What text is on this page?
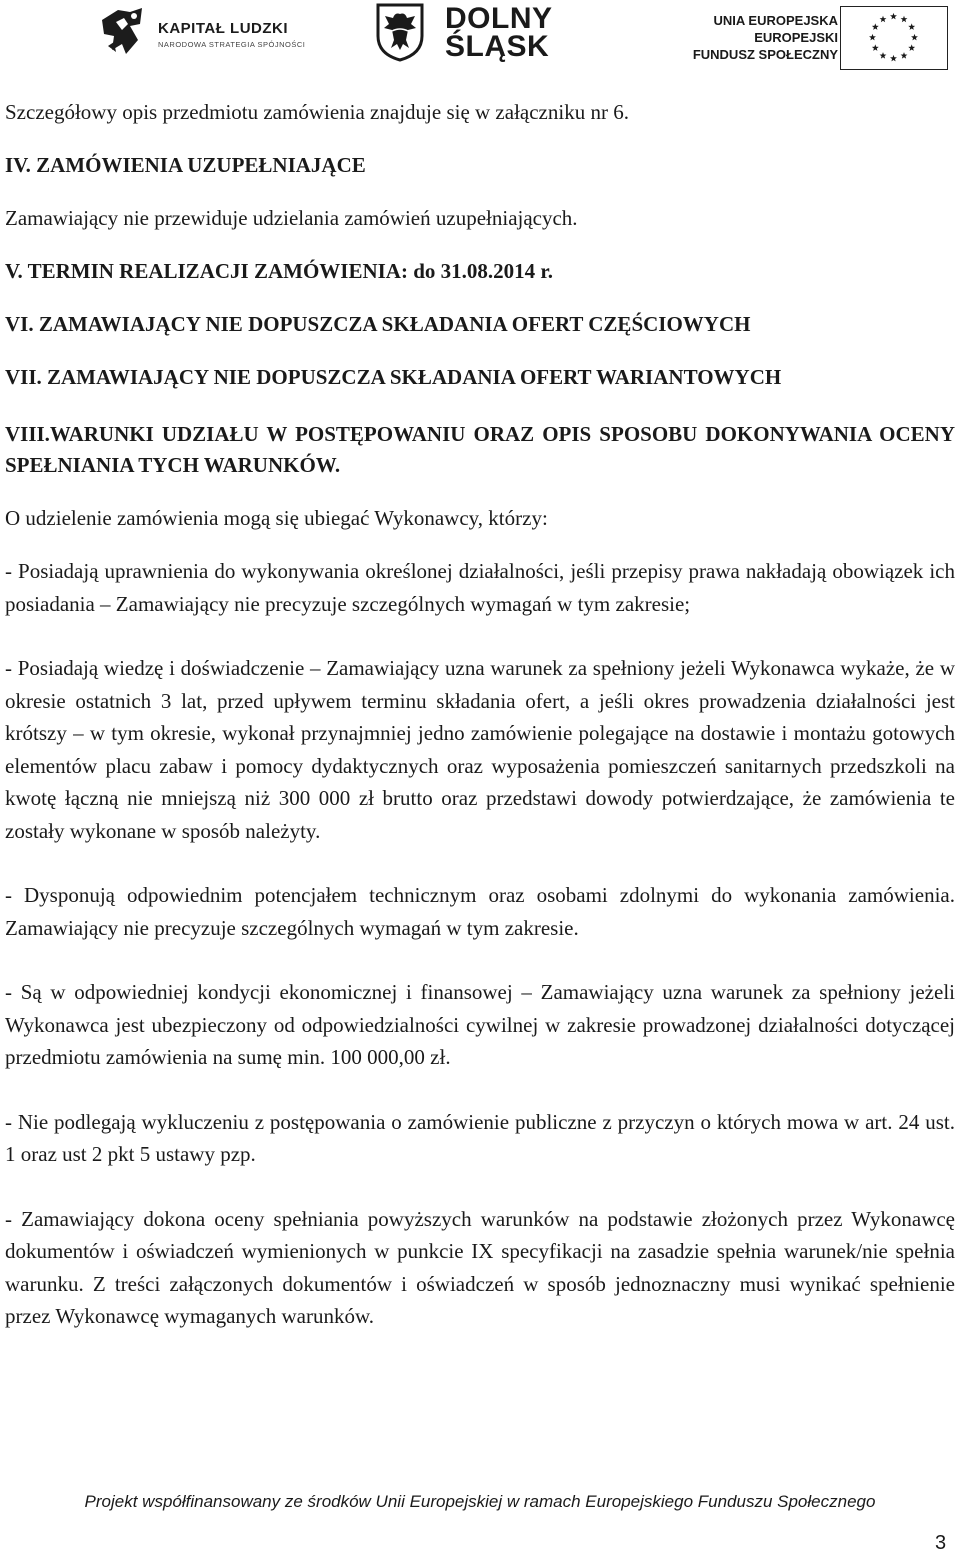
KAPITAŁ LUDZKI
NARODOWA STRATEGIA SPÓJNOŚCI
DOLNY
ŚLĄSK
UNIA EUROPEJSKA
EUROPEJSKI
FUNDUSZ SPOŁECZNY

Szczegółowy opis przedmiotu zamówienia znajduje się w załączniku nr 6.

IV. ZAMÓWIENIA UZUPEŁNIAJĄCE

Zamawiający nie przewiduje udzielania zamówień uzupełniających.

V. TERMIN REALIZACJI ZAMÓWIENIA: do 31.08.2014 r.

VI. ZAMAWIAJĄCY NIE DOPUSZCZA SKŁADANIA OFERT CZĘŚCIOWYCH

VII. ZAMAWIAJĄCY NIE DOPUSZCZA SKŁADANIA OFERT WARIANTOWYCH

VIII.WARUNKI UDZIAŁU W POSTĘPOWANIU ORAZ OPIS SPOSOBU DOKONYWANIA OCENY SPEŁNIANIA TYCH WARUNKÓW.

O udzielenie zamówienia mogą się ubiegać Wykonawcy, którzy:

- Posiadają uprawnienia do wykonywania określonej działalności, jeśli przepisy prawa nakładają obowiązek ich posiadania – Zamawiający nie precyzuje szczególnych wymagań w tym zakresie;

- Posiadają wiedzę i doświadczenie – Zamawiający uzna warunek za spełniony jeżeli Wykonawca wykaże, że w okresie ostatnich 3 lat, przed upływem terminu składania ofert, a jeśli okres prowadzenia działalności jest krótszy – w tym okresie, wykonał przynajmniej jedno zamówienie polegające na dostawie i montażu gotowych elementów placu zabaw i pomocy dydaktycznych oraz wyposażenia pomieszczeń sanitarnych przedszkoli na kwotę łączną nie mniejszą niż 300 000 zł brutto oraz przedstawi dowody potwierdzające, że zamówienia te zostały wykonane w sposób należyty.

- Dysponują odpowiednim potencjałem technicznym oraz osobami zdolnymi do wykonania zamówienia. Zamawiający nie precyzuje szczególnych wymagań w tym zakresie.

- Są w odpowiedniej kondycji ekonomicznej i finansowej – Zamawiający uzna warunek za spełniony jeżeli Wykonawca jest ubezpieczony od odpowiedzialności cywilnej w zakresie prowadzonej działalności dotyczącej przedmiotu zamówienia na sumę min. 100 000,00 zł.

- Nie podlegają wykluczeniu z postępowania o zamówienie publiczne z przyczyn o których mowa w art. 24 ust. 1 oraz ust 2 pkt 5 ustawy pzp.

- Zamawiający dokona oceny spełniania powyższych warunków na podstawie złożonych przez Wykonawcę dokumentów i oświadczeń wymienionych w punkcie IX specyfikacji na zasadzie spełnia warunek/nie spełnia warunku. Z treści załączonych dokumentów i oświadczeń w sposób jednoznaczny musi wynikać spełnienie przez Wykonawcę wymaganych warunków.

Projekt współfinansowany ze środków Unii Europejskiej w ramach Europejskiego Funduszu Społecznego
3
